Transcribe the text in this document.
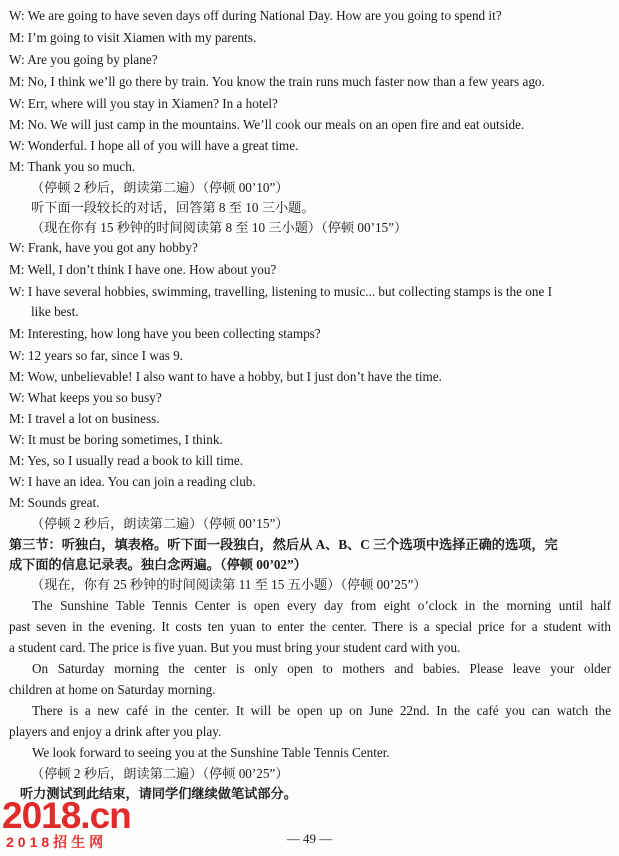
W: We are going to have seven days off during National Day. How are you going to spend it?
M: I’m going to visit Xiamen with my parents.
W: Are you going by plane?
M: No, I think we’ll go there by train. You know the train runs much faster now than a few years ago.
W: Err, where will you stay in Xiamen? In a hotel?
M: No. We will just camp in the mountains. We’ll cook our meals on an open fire and eat outside.
W: Wonderful. I hope all of you will have a great time.
M: Thank you so much.
（停顿 2 秒后，朗读第二遍）（停顿 00’10”）
听下面一段较长的对话，回答第 8 至 10 三小题。
（现在你有 15 秒钟的时间阅读第 8 至 10 三小题）（停顿 00’15”）
W: Frank, have you got any hobby?
M: Well, I don’t think I have one. How about you?
W: I have several hobbies, swimming, travelling, listening to music... but collecting stamps is the one I
like best.
M: Interesting, how long have you been collecting stamps?
W: 12 years so far, since I was 9.
M: Wow, unbelievable! I also want to have a hobby, but I just don’t have the time.
W: What keeps you so busy?
M: I travel a lot on business.
W: It must be boring sometimes, I think.
M: Yes, so I usually read a book to kill time.
W: I have an idea. You can join a reading club.
M: Sounds great.
（停顿 2 秒后，朗读第二遍）（停顿 00’15”）
第三节：听独白，填表格。听下面一段独白，然后从 A、B、C 三个选项中选择正确的选项，完
成下面的信息记录表。独白念两遍。（停顿 00’02”）
（现在，你有 25 秒钟的时间阅读第 11 至 15 五小题）（停顿 00’25”）
The Sunshine Table Tennis Center is open every day from eight o’clock in the morning until half
past seven in the evening. It costs ten yuan to enter the center. There is a special price for a student with
a student card. The price is five yuan. But you must bring your student card with you.
On Saturday morning the center is only open to mothers and babies. Please leave your older
children at home on Saturday morning.
There is a new café in the center. It will be open up on June 22nd. In the café you can watch the
players and enjoy a drink after you play.
We look forward to seeing you at the Sunshine Table Tennis Center.
（停顿 2 秒后，朗读第二遍）（停顿 00’25”）
听力测试到此结束，请同学们继续做笔试部分。
— 49 —
2018.cn
2018招生网
